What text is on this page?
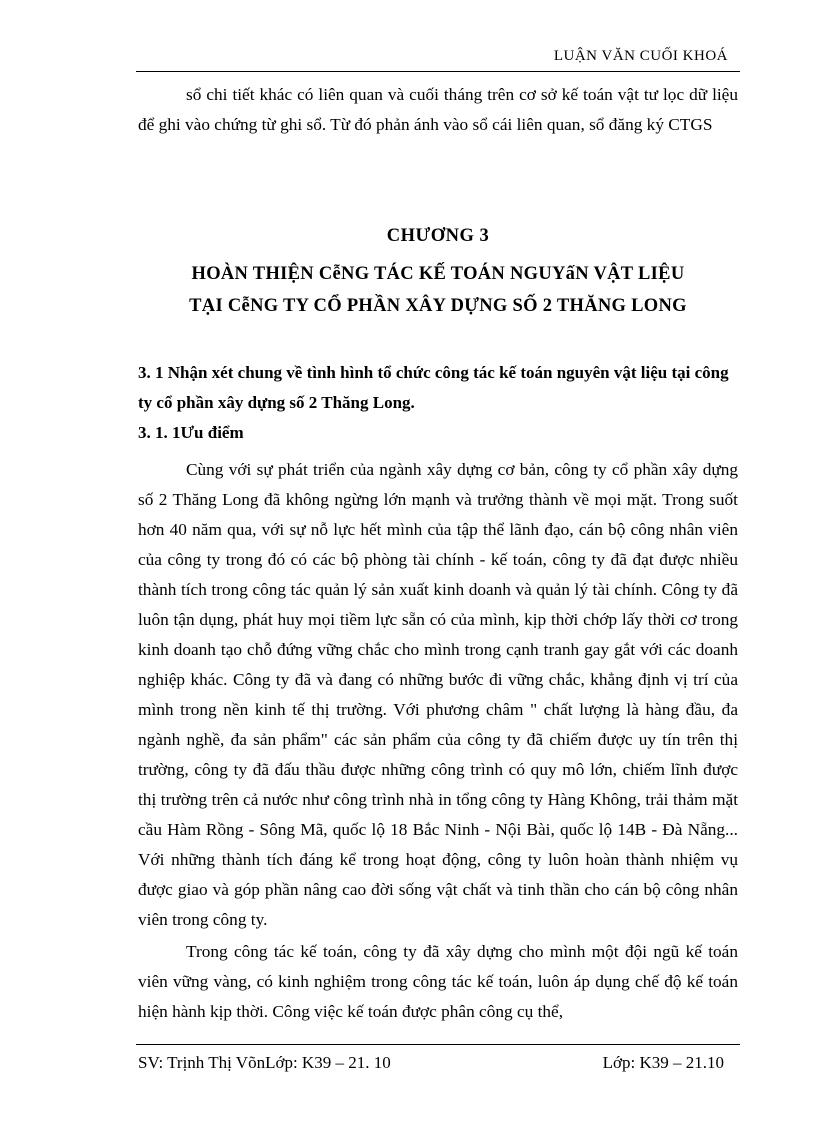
LUẬN VĂN CUỐI KHOÁ
sổ chi tiết khác có liên quan và cuối tháng trên cơ sở kế toán vật tư lọc dữ liệu để ghi vào chứng từ ghi sổ. Từ đó phản ánh vào sổ cái liên quan, sổ đăng ký CTGS
CHƯƠNG 3
HOÀN THIỆN CễNG TÁC KẾ TOÁN NGUYấN VẬT LIỆU
TẠI CễNG TY CỔ PHẦN XÂY DỰNG SỐ 2 THĂNG LONG
3. 1 Nhận xét chung về tình hình tổ chức công tác kế toán nguyên vật liệu tại công ty cổ phần xây dựng số 2 Thăng Long.
3. 1. 1Ưu điểm
Cùng với sự phát triển của ngành xây dựng cơ bản, công ty cổ phần xây dựng số 2 Thăng Long đã không ngừng lớn mạnh và trưởng thành về mọi mặt. Trong suốt hơn 40 năm qua, với sự nỗ lực hết mình của tập thể lãnh đạo, cán bộ công nhân viên của công ty trong đó có các bộ phòng tài chính - kế toán, công ty đã đạt được nhiều thành tích trong công tác quản lý sản xuất kinh doanh và quản lý tài chính. Công ty đã luôn tận dụng, phát huy mọi tiềm lực sẵn có của mình, kịp thời chớp lấy thời cơ trong kinh doanh tạo chỗ đứng vững chắc cho mình trong cạnh tranh gay gắt với các doanh nghiệp khác. Công ty đã và đang có những bước đi vững chắc, khẳng định vị trí của mình trong nền kinh tế thị trường. Với phương châm " chất lượng là hàng đầu, đa ngành nghề, đa sản phẩm" các sản phẩm của công ty đã chiếm được uy tín trên thị trường, công ty đã đấu thầu được những công trình có quy mô lớn, chiếm lĩnh được thị trường trên cả nước như công trình nhà in tổng công ty Hàng Không, trải thảm mặt cầu Hàm Rồng - Sông Mã, quốc lộ 18 Bắc Ninh - Nội Bài, quốc lộ 14B - Đà Nẵng... Với những thành tích đáng kể trong hoạt động, công ty luôn hoàn thành nhiệm vụ được giao và góp phần nâng cao đời sống vật chất và tinh thần cho cán bộ công nhân viên trong công ty.
Trong công tác kế toán, công ty đã xây dựng cho mình một đội ngũ kế toán viên vững vàng, có kinh nghiệm trong công tác kế toán, luôn áp dụng chế độ kế toán hiện hành kịp thời. Công việc kế toán được phân công cụ thể,
SV: Trịnh Thị VõnLớp: K39 – 21. 10	Lớp: K39 – 21.10
